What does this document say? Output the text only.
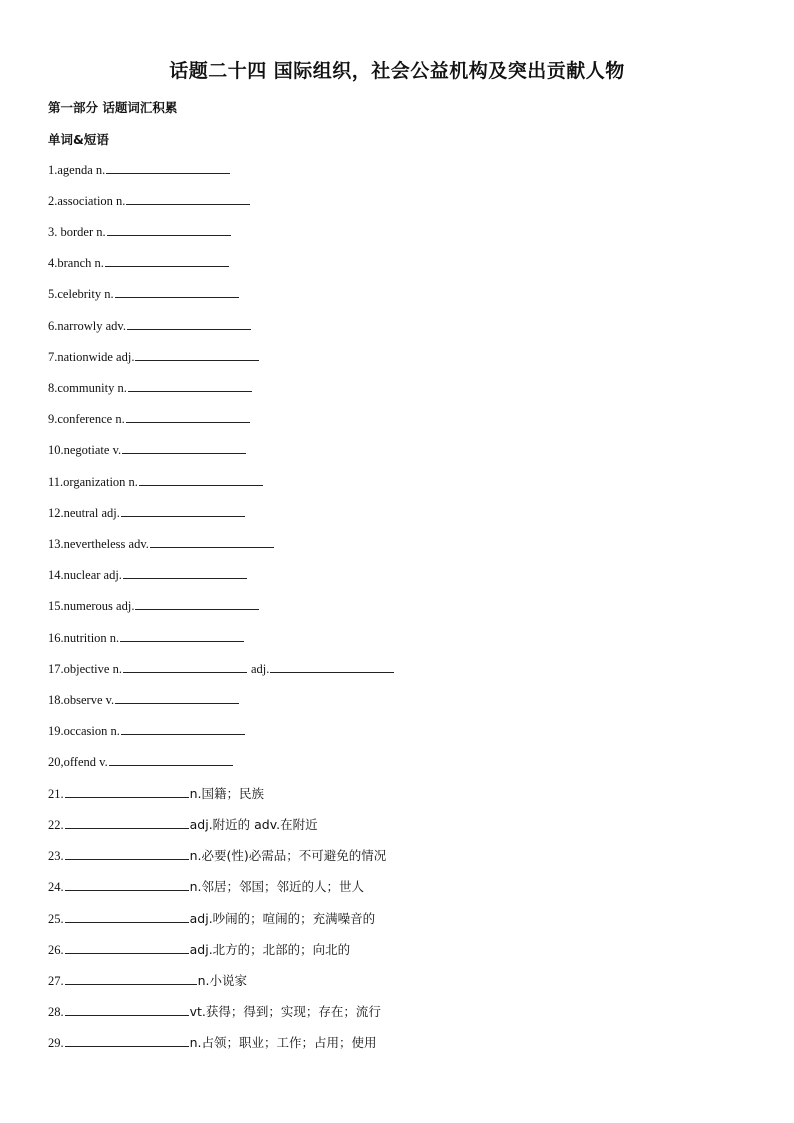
话题二十四 国际组织，社会公益机构及突出贡献人物
第一部分 话题词汇积累
单词&短语
1.agenda n.
2.association n.
3. border n.
4.branch n.
5.celebrity n.
6.narrowly adv.
7.nationwide adj.
8.community n.
9.conference n.
10.negotiate v.
11.organization n.
12.neutral adj.
13.nevertheless adv.
14.nuclear adj.
15.numerous adj.
16.nutrition n.
17.objective n.	adj.
18.observe v.
19.occasion n.
20,offend v.
21.	n.国籍；民族
22.	adj.附近的 adv.在附近
23.	n.必要(性)必需品；不可避免的情况
24.	n.邻居；邻国；邻近的人；世人
25.	adj.吵闹的；喧闹的；充满噪音的
26.	adj.北方的；北部的；向北的
27.	n.小说家
28.	vt.获得；得到；实现；存在；流行
29.	n.占领；职业；工作；占用；使用
